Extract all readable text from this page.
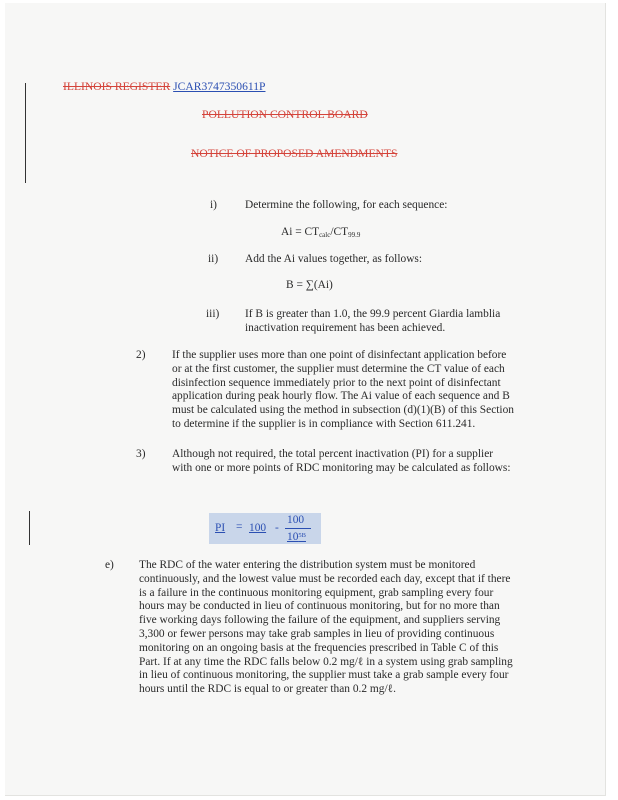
ILLINOIS REGISTER JCAR3747350611P
POLLUTION CONTROL BOARD
NOTICE OF PROPOSED AMENDMENTS
i) Determine the following, for each sequence:
$Ai = CT_{calc}/CT_{99.9}$
ii) Add the Ai values together, as follows:
B = ∑(Ai)
iii) If B is greater than 1.0, the 99.9 percent Giardia lamblia
inactivation requirement has been achieved.
2) If the supplier uses more than one point of disinfectant application before
or at the first customer, the supplier must determine the CT value of each
disinfection sequence immediately prior to the next point of disinfectant
application during peak hourly flow. The Ai value of each sequence and B
must be calculated using the method in subsection (d)(1)(B) of this Section
to determine if the supplier is in compliance with Section 611.241.
3) Although not required, the total percent inactivation (PI) for a supplier
with one or more points of RDC monitoring may be calculated as follows:
PI = 100 -
100
$10^{5B}$
e) The RDC of the water entering the distribution system must be monitored
continuously, and the lowest value must be recorded each day, except that if there
is a failure in the continuous monitoring equipment, grab sampling every four
hours may be conducted in lieu of continuous monitoring, but for no more than
five working days following the failure of the equipment, and suppliers serving
3,300 or fewer persons may take grab samples in lieu of providing continuous
monitoring on an ongoing basis at the frequencies prescribed in Table C of this
Part. If at any time the RDC falls below 0.2 mg/ℓ in a system using grab sampling
in lieu of continuous monitoring, the supplier must take a grab sample every four
hours until the RDC is equal to or greater than 0.2 mg/ℓ.
